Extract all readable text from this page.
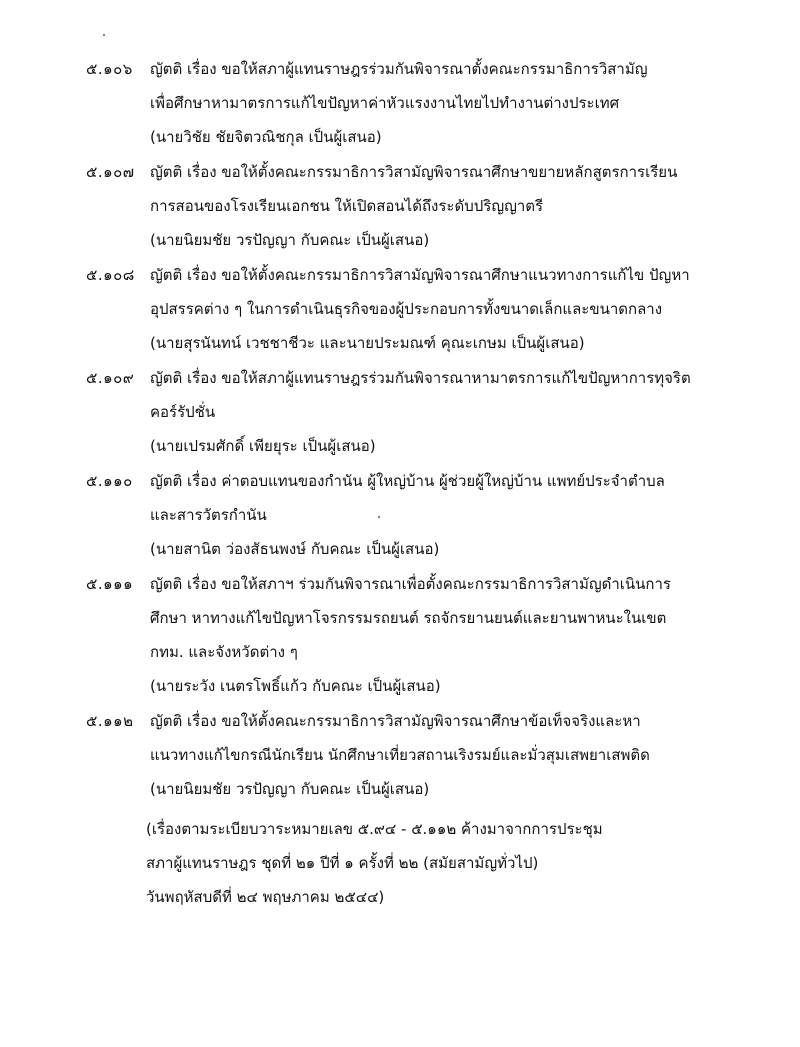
๕.๑๐๖ ญัตติ เรื่อง ขอให้สภาผู้แทนราษฎรร่วมกันพิจารณาตั้งคณะกรรมาธิการวิสามัญ
เพื่อศึกษาหามาตรการแก้ไขปัญหาค่าหัวแรงงานไทยไปทำงานต่างประเทศ
(นายวิชัย ชัยจิตวณิชกุล เป็นผู้เสนอ)
๕.๑๐๗ ญัตติ เรื่อง ขอให้ตั้งคณะกรรมาธิการวิสามัญพิจารณาศึกษาขยายหลักสูตรการเรียน
การสอนของโรงเรียนเอกชน ให้เปิดสอนได้ถึงระดับปริญญาตรี
(นายนิยมชัย วรปัญญา กับคณะ เป็นผู้เสนอ)
๕.๑๐๘ ญัตติ เรื่อง ขอให้ตั้งคณะกรรมาธิการวิสามัญพิจารณาศึกษาแนวทางการแก้ไข ปัญหา
อุปสรรคต่าง ๆ ในการดำเนินธุรกิจของผู้ประกอบการทั้งขนาดเล็กและขนาดกลาง
(นายสุรนันทน์ เวชชาชีวะ และนายประมณฑ์ คุณะเกษม เป็นผู้เสนอ)
๕.๑๐๙ ญัตติ เรื่อง ขอให้สภาผู้แทนราษฎรร่วมกันพิจารณาหามาตรการแก้ไขปัญหาการทุจริต
คอร์รัปชั่น
(นายเปรมศักดิ์ เพียยุระ เป็นผู้เสนอ)
๕.๑๑๐ ญัตติ เรื่อง ค่าตอบแทนของกำนัน ผู้ใหญ่บ้าน ผู้ช่วยผู้ใหญ่บ้าน แพทย์ประจำตำบล
และสารวัตรกำนัน
(นายสานิต ว่องสัธนพงษ์ กับคณะ เป็นผู้เสนอ)
๕.๑๑๑ ญัตติ เรื่อง ขอให้สภาฯ ร่วมกันพิจารณาเพื่อตั้งคณะกรรมาธิการวิสามัญดำเนินการ
ศึกษา หาทางแก้ไขปัญหาโจรกรรมรถยนต์ รถจักรยานยนต์และยานพาหนะในเขต
กทม. และจังหวัดต่าง ๆ
(นายระวัง เนตรโพธิ์แก้ว กับคณะ เป็นผู้เสนอ)
๕.๑๑๒ ญัตติ เรื่อง ขอให้ตั้งคณะกรรมาธิการวิสามัญพิจารณาศึกษาข้อเท็จจริงและหา
แนวทางแก้ไขกรณีนักเรียน นักศึกษาเที่ยวสถานเริงรมย์และมั่วสุมเสพยาเสพติด
(นายนิยมชัย วรปัญญา กับคณะ เป็นผู้เสนอ)
(เรื่องตามระเบียบวาระหมายเลข ๕.๙๔ - ๕.๑๑๒ ค้างมาจากการประชุม
สภาผู้แทนราษฎร ชุดที่ ๒๑ ปีที่ ๑ ครั้งที่ ๒๒ (สมัยสามัญทั่วไป)
วันพฤหัสบดีที่ ๒๔ พฤษภาคม ๒๕๔๔)
